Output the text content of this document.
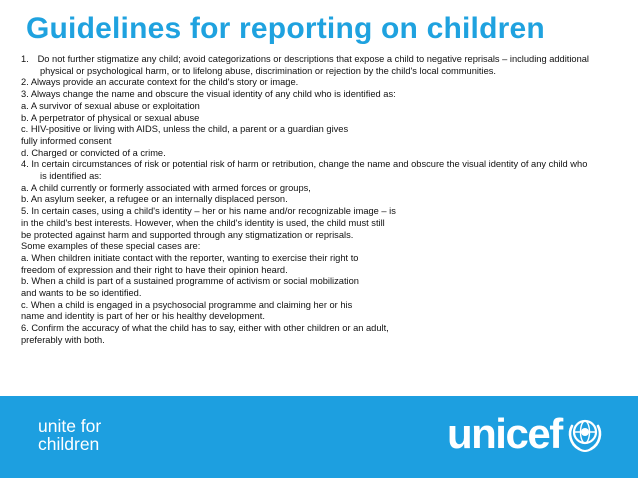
Guidelines for reporting on children
1. Do not further stigmatize any child; avoid categorizations or descriptions that expose a child to negative reprisals – including additional
physical or psychological harm, or to lifelong abuse, discrimination or rejection by the child's local communities.
2. Always provide an accurate context for the child's story or image.
3. Always change the name and obscure the visual identity of any child who is identified as:
a. A survivor of sexual abuse or exploitation
b. A perpetrator of physical or sexual abuse
c. HIV-positive or living with AIDS, unless the child, a parent or a guardian gives
fully informed consent
d. Charged or convicted of a crime.
4. In certain circumstances of risk or potential risk of harm or retribution, change the name and obscure the visual identity of any child who
is identified as:
a. A child currently or formerly associated with armed forces or groups,
b. An asylum seeker, a refugee or an internally displaced person.
5. In certain cases, using a child's identity – her or his name and/or recognizable image – is
in the child's best interests. However, when the child's identity is used, the child must still
be protected against harm and supported through any stigmatization or reprisals.
Some examples of these special cases are:
a. When children initiate contact with the reporter, wanting to exercise their right to
freedom of expression and their right to have their opinion heard.
b. When a child is part of a sustained programme of activism or social mobilization
and wants to be so identified.
c. When a child is engaged in a psychosocial programme and claiming her or his
name and identity is part of her or his healthy development.
6. Confirm the accuracy of what the child has to say, either with other children or an adult,
preferably with both.
unite for
children	unicef
